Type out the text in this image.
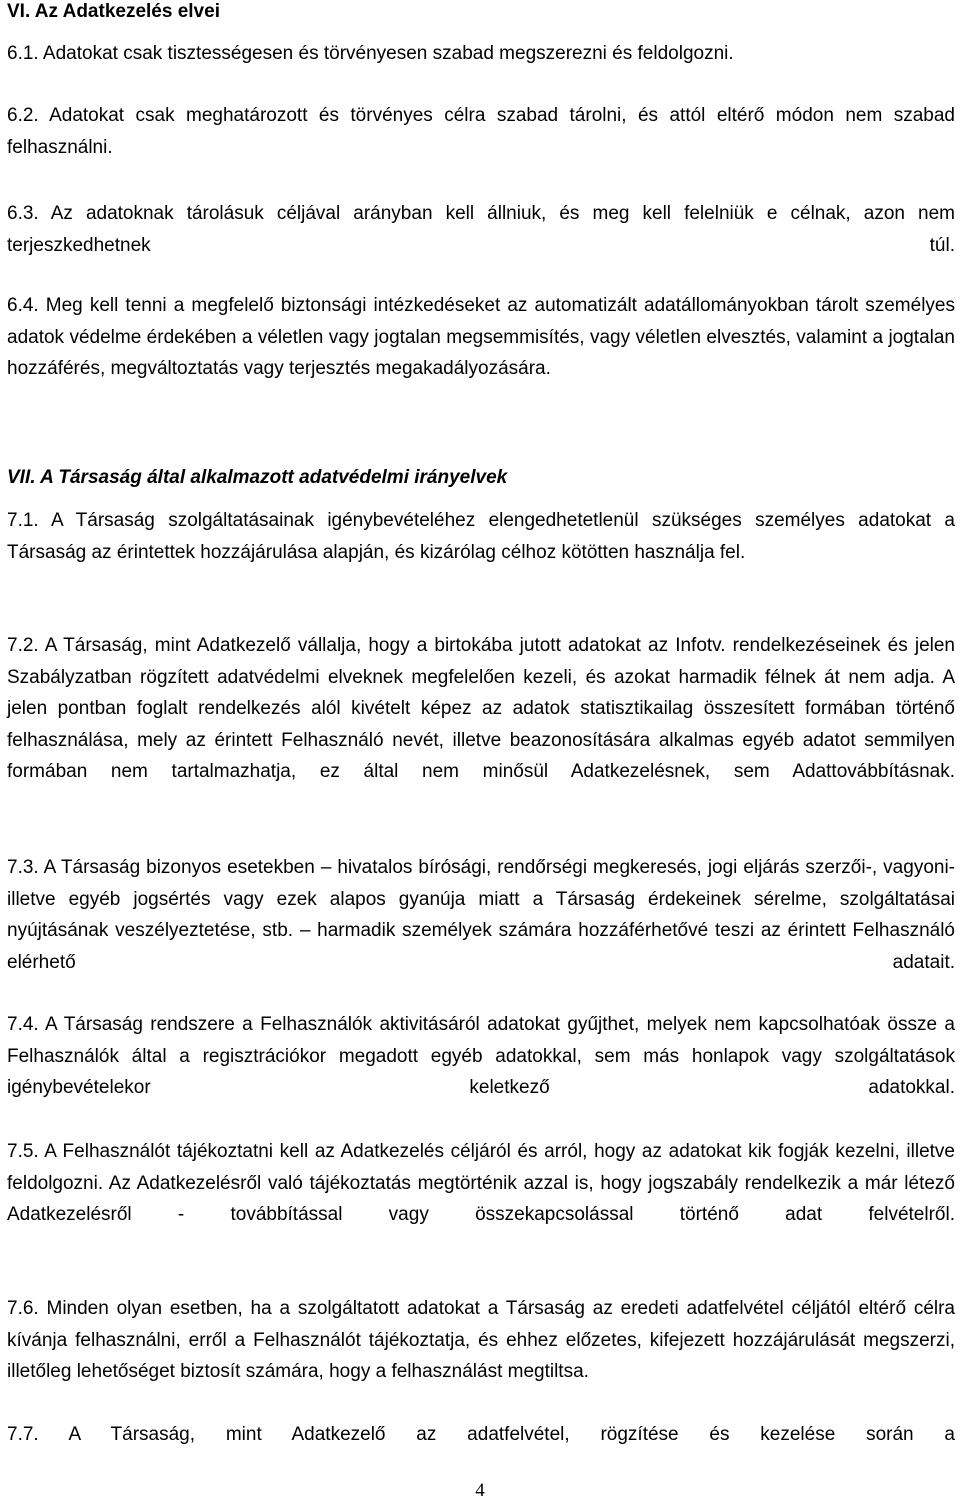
VI. Az Adatkezelés elvei
6.1. Adatokat csak tisztességesen és törvényesen szabad megszerezni és feldolgozni.
6.2. Adatokat csak meghatározott és törvényes célra szabad tárolni, és attól eltérő módon nem szabad felhasználni.
6.3. Az adatoknak tárolásuk céljával arányban kell állniuk, és meg kell felelniük e célnak, azon nem terjeszkedhetnek túl.
6.4. Meg kell tenni a megfelelő biztonsági intézkedéseket az automatizált adatállományokban tárolt személyes adatok védelme érdekében a véletlen vagy jogtalan megsemmisítés, vagy véletlen elvesztés, valamint a jogtalan hozzáférés, megváltoztatás vagy terjesztés megakadályozására.
VII. A Társaság által alkalmazott adatvédelmi irányelvek
7.1. A Társaság szolgáltatásainak igénybevételéhez elengedhetetlenül szükséges személyes adatokat a Társaság az érintettek hozzájárulása alapján, és kizárólag célhoz kötötten használja fel.
7.2. A Társaság, mint Adatkezelő vállalja, hogy a birtokába jutott adatokat az Infotv. rendelkezéseinek és jelen Szabályzatban rögzített adatvédelmi elveknek megfelelően kezeli, és azokat harmadik félnek át nem adja. A jelen pontban foglalt rendelkezés alól kivételt képez az adatok statisztikailag összesített formában történő felhasználása, mely az érintett Felhasználó nevét, illetve beazonosítására alkalmas egyéb adatot semmilyen formában nem tartalmazhatja, ez által nem minősül Adatkezelésnek, sem Adattovábbításnak.
7.3. A Társaság bizonyos esetekben – hivatalos bírósági, rendőrségi megkeresés, jogi eljárás szerzői-, vagyoni- illetve egyéb jogsértés vagy ezek alapos gyanúja miatt a Társaság érdekeinek sérelme, szolgáltatásai nyújtásának veszélyeztetése, stb. – harmadik személyek számára hozzáférhetővé teszi az érintett Felhasználó elérhető adatait.
7.4. A Társaság rendszere a Felhasználók aktivitásáról adatokat gyűjthet, melyek nem kapcsolhatóak össze a Felhasználók által a regisztrációkor megadott egyéb adatokkal, sem más honlapok vagy szolgáltatások igénybevételekor keletkező adatokkal.
7.5. A Felhasználót tájékoztatni kell az Adatkezelés céljáról és arról, hogy az adatokat kik fogják kezelni, illetve feldolgozni. Az Adatkezelésről való tájékoztatás megtörténik azzal is, hogy jogszabály rendelkezik a már létező Adatkezelésről - továbbítással vagy összekapcsolással történő adat felvételről.
7.6. Minden olyan esetben, ha a szolgáltatott adatokat a Társaság az eredeti adatfelvétel céljától eltérő célra kívánja felhasználni, erről a Felhasználót tájékoztatja, és ehhez előzetes, kifejezett hozzájárulását megszerzi, illetőleg lehetőséget biztosít számára, hogy a felhasználást megtiltsa.
7.7. A Társaság, mint Adatkezelő az adatfelvétel, rögzítése és kezelése során a
4
